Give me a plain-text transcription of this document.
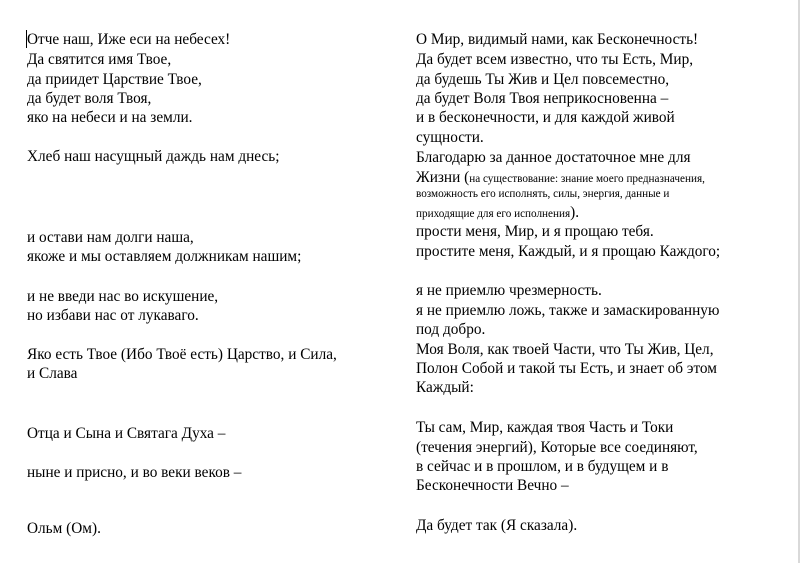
Отче наш, Иже еси на небесех!
Да святится имя Твое,
да приидет Царствие Твое,
да будет воля Твоя,
яко на небеси и на земли.
Хлеб наш насущный даждь нам днесь;
и остави нам долги наша,
якоже и мы оставляем должникам нашим;
и не введи нас во искушение,
но избави нас от лукаваго.
Яко есть Твое (Ибо Твоё есть) Царство, и Сила,
и Слава
Отца и Сына и Святага Духа –
ныне и присно, и во веки веков –
Ольм (Ом).
О Мир, видимый нами, как Бесконечность!
Да будет всем известно, что ты Есть, Мир,
да будешь Ты Жив и Цел повсеместно,
да будет Воля Твоя неприкосновенна –
и в бесконечности, и для каждой живой
сущности.
Благодарю за данное достаточное мне для
Жизни (на существование: знание моего предназначения,
возможность его исполнять, силы, энергия, данные и
приходящие для его исполнения).
прости меня, Мир, и я прощаю тебя.
простите меня, Каждый, и я прощаю Каждого;
я не приемлю чрезмерность.
я не приемлю ложь, также и замаскированную
под добро.
Моя Воля, как твоей Части, что Ты Жив, Цел,
Полон Собой и такой ты Есть, и знает об этом
Каждый:
Ты сам, Мир, каждая твоя Часть и Токи
(течения энергий), Которые все соединяют,
в сейчас и в прошлом, и в будущем и в
Бесконечности Вечно –
Да будет так (Я сказала).
